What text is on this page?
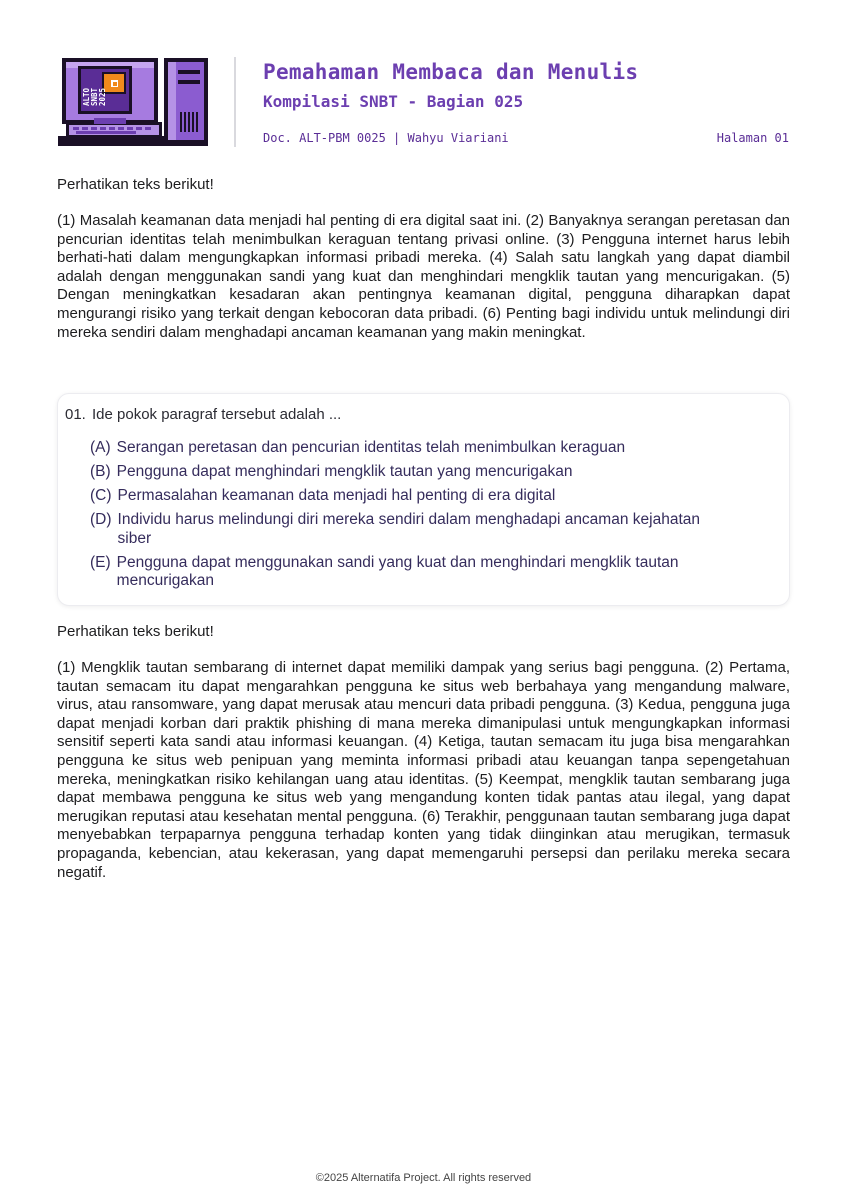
ALTO SNBT 2025
Pemahaman Membaca dan Menulis
Kompilasi SNBT - Bagian 025
Doc. ALT-PBM 0025 | Wahyu Viariani	Halaman 01
Perhatikan teks berikut!

(1) Masalah keamanan data menjadi hal penting di era digital saat ini. (2) Banyaknya serangan peretasan dan pencurian identitas telah menimbulkan keraguan tentang privasi online. (3) Pengguna internet harus lebih berhati-hati dalam mengungkapkan informasi pribadi mereka. (4) Salah satu langkah yang dapat diambil adalah dengan menggunakan sandi yang kuat dan menghindari mengklik tautan yang mencurigakan. (5) Dengan meningkatkan kesadaran akan pentingnya keamanan digital, pengguna diharapkan dapat mengurangi risiko yang terkait dengan kebocoran data pribadi. (6) Penting bagi individu untuk melindungi diri mereka sendiri dalam menghadapi ancaman keamanan yang makin meningkat.

01. Ide pokok paragraf tersebut adalah ...
(A) Serangan peretasan dan pencurian identitas telah menimbulkan keraguan
(B) Pengguna dapat menghindari mengklik tautan yang mencurigakan
(C) Permasalahan keamanan data menjadi hal penting di era digital
(D) Individu harus melindungi diri mereka sendiri dalam menghadapi ancaman kejahatan siber
(E) Pengguna dapat menggunakan sandi yang kuat dan menghindari mengklik tautan mencurigakan
Perhatikan teks berikut!

(1) Mengklik tautan sembarang di internet dapat memiliki dampak yang serius bagi pengguna. (2) Pertama, tautan semacam itu dapat mengarahkan pengguna ke situs web berbahaya yang mengandung malware, virus, atau ransomware, yang dapat merusak atau mencuri data pribadi pengguna. (3) Kedua, pengguna juga dapat menjadi korban dari praktik phishing di mana mereka dimanipulasi untuk mengungkapkan informasi sensitif seperti kata sandi atau informasi keuangan. (4) Ketiga, tautan semacam itu juga bisa mengarahkan pengguna ke situs web penipuan yang meminta informasi pribadi atau keuangan tanpa sepengetahuan mereka, meningkatkan risiko kehilangan uang atau identitas. (5) Keempat, mengklik tautan sembarang juga dapat membawa pengguna ke situs web yang mengandung konten tidak pantas atau ilegal, yang dapat merugikan reputasi atau kesehatan mental pengguna. (6) Terakhir, penggunaan tautan sembarang juga dapat menyebabkan terpaparnya pengguna terhadap konten yang tidak diinginkan atau merugikan, termasuk propaganda, kebencian, atau kekerasan, yang dapat memengaruhi persepsi dan perilaku mereka secara negatif.

©2025 Alternatifa Project. All rights reserved
